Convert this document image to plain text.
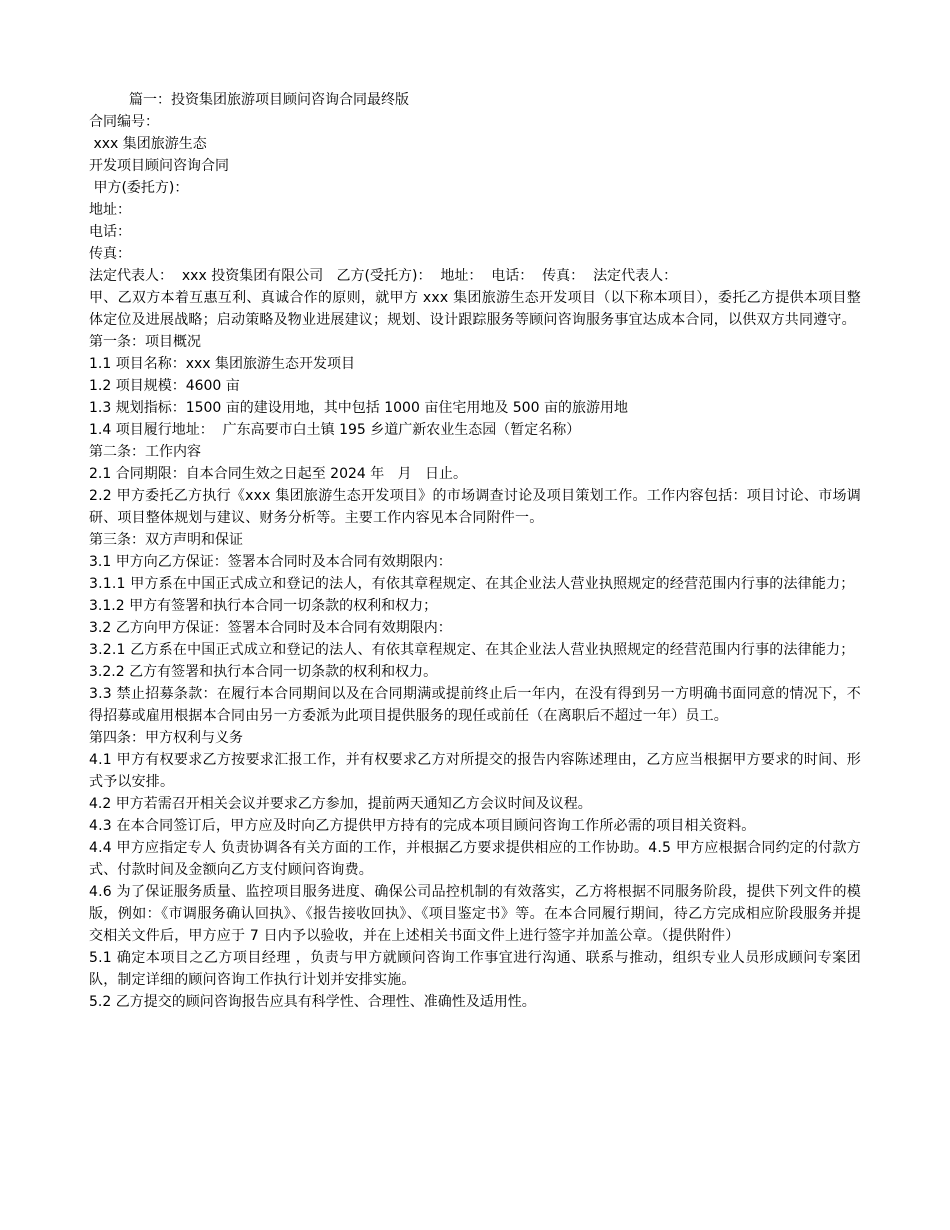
篇一：投资集团旅游项目顾问咨询合同最终版
合同编号：
xxx 集团旅游生态
开发项目顾问咨询合同
甲方(委托方)：
地址：
电话：
传真：
法定代表人：  xxx 投资集团有限公司   乙方(受托方)：  地址：  电话：  传真：  法定代表人：
甲、乙双方本着互惠互利、真诚合作的原则，就甲方 xxx 集团旅游生态开发项目（以下称本项目），委托乙方提供本项目整体定位及进展战略；启动策略及物业进展建议；规划、设计跟踪服务等顾问咨询服务事宜达成本合同，以供双方共同遵守。
第一条：项目概况
1.1 项目名称：xxx 集团旅游生态开发项目
1.2 项目规模：4600 亩
1.3 规划指标：1500 亩的建设用地，其中包括 1000 亩住宅用地及 500 亩的旅游用地
1.4 项目履行地址：  广东高要市白土镇 195 乡道广新农业生态园（暂定名称）
第二条：工作内容
2.1 合同期限：自本合同生效之日起至 2024 年   月   日止。
2.2 甲方委托乙方执行《xxx 集团旅游生态开发项目》的市场调查讨论及项目策划工作。工作内容包括：项目讨论、市场调研、项目整体规划与建议、财务分析等。主要工作内容见本合同附件一。
第三条：双方声明和保证
3.1 甲方向乙方保证：签署本合同时及本合同有效期限内：
3.1.1 甲方系在中国正式成立和登记的法人，有依其章程规定、在其企业法人营业执照规定的经营范围内行事的法律能力；
3.1.2 甲方有签署和执行本合同一切条款的权利和权力；
3.2 乙方向甲方保证：签署本合同时及本合同有效期限内：
3.2.1 乙方系在中国正式成立和登记的法人、有依其章程规定、在其企业法人营业执照规定的经营范围内行事的法律能力；
3.2.2 乙方有签署和执行本合同一切条款的权利和权力。
3.3 禁止招募条款：在履行本合同期间以及在合同期满或提前终止后一年内，在没有得到另一方明确书面同意的情况下，不得招募或雇用根据本合同由另一方委派为此项目提供服务的现任或前任（在离职后不超过一年）员工。
第四条：甲方权利与义务
4.1 甲方有权要求乙方按要求汇报工作，并有权要求乙方对所提交的报告内容陈述理由，乙方应当根据甲方要求的时间、形式予以安排。
4.2 甲方若需召开相关会议并要求乙方参加，提前两天通知乙方会议时间及议程。
4.3 在本合同签订后，甲方应及时向乙方提供甲方持有的完成本项目顾问咨询工作所必需的项目相关资料。
4.4 甲方应指定专人 负责协调各有关方面的工作，并根据乙方要求提供相应的工作协助。4.5 甲方应根据合同约定的付款方式、付款时间及金额向乙方支付顾问咨询费。
4.6 为了保证服务质量、监控项目服务进度、确保公司品控机制的有效落实，乙方将根据不同服务阶段，提供下列文件的模版，例如：《市调服务确认回执》、《报告接收回执》、《项目鉴定书》等。在本合同履行期间，待乙方完成相应阶段服务并提交相关文件后，甲方应于 7 日内予以验收，并在上述相关书面文件上进行签字并加盖公章。（提供附件）
5.1 确定本项目之乙方项目经理 ，负责与甲方就顾问咨询工作事宜进行沟通、联系与推动，组织专业人员形成顾问专案团队，制定详细的顾问咨询工作执行计划并安排实施。
5.2 乙方提交的顾问咨询报告应具有科学性、合理性、准确性及适用性。
